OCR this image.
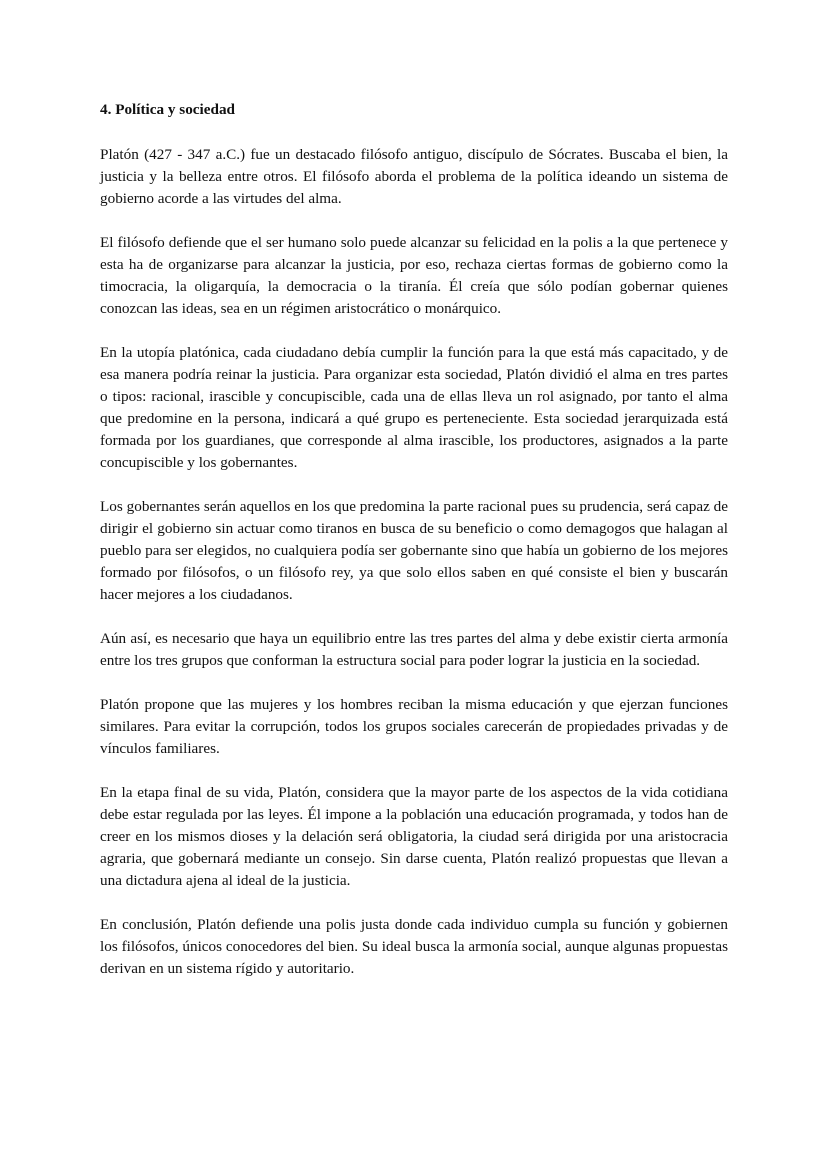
4. Política y sociedad

Platón (427 - 347 a.C.) fue un destacado filósofo antiguo, discípulo de Sócrates. Buscaba el bien, la justicia y la belleza entre otros. El filósofo aborda el problema de la política ideando un sistema de gobierno acorde a las virtudes del alma.

El filósofo defiende que el ser humano solo puede alcanzar su felicidad en la polis a la que pertenece y esta ha de organizarse para alcanzar la justicia, por eso, rechaza ciertas formas de gobierno como la timocracia, la oligarquía, la democracia o la tiranía. Él creía que sólo podían gobernar quienes conozcan las ideas, sea en un régimen aristocrático o monárquico.

En la utopía platónica, cada ciudadano debía cumplir la función para la que está más capacitado, y de esa manera podría reinar la justicia. Para organizar esta sociedad, Platón dividió el alma en tres partes o tipos: racional, irascible y concupiscible, cada una de ellas lleva un rol asignado, por tanto el alma que predomine en la persona, indicará a qué grupo es perteneciente. Esta sociedad jerarquizada está formada por los guardianes, que corresponde al alma irascible, los productores, asignados a la parte concupiscible y los gobernantes.

Los gobernantes serán aquellos en los que predomina la parte racional pues su prudencia, será capaz de dirigir el gobierno sin actuar como tiranos en busca de su beneficio o como demagogos que halagan al pueblo para ser elegidos, no cualquiera podía ser gobernante sino que había un gobierno de los mejores formado por filósofos, o un filósofo rey, ya que solo ellos saben en qué consiste el bien y buscarán hacer mejores a los ciudadanos.

Aún así, es necesario que haya un equilibrio entre las tres partes del alma y debe existir cierta armonía entre los tres grupos que conforman la estructura social para poder lograr la justicia en la sociedad.

Platón propone que las mujeres y los hombres reciban la misma educación y que ejerzan funciones similares. Para evitar la corrupción, todos los grupos sociales carecerán de propiedades privadas y de vínculos familiares.

En la etapa final de su vida, Platón, considera que la mayor parte de los aspectos de la vida cotidiana debe estar regulada por las leyes. Él impone a la población una educación programada, y todos han de creer en los mismos dioses y la delación será obligatoria, la ciudad será dirigida por una aristocracia agraria, que gobernará mediante un consejo. Sin darse cuenta, Platón realizó propuestas que llevan a una dictadura ajena al ideal de la justicia.

En conclusión, Platón defiende una polis justa donde cada individuo cumpla su función y gobiernen los filósofos, únicos conocedores del bien. Su ideal busca la armonía social, aunque algunas propuestas derivan en un sistema rígido y autoritario.
